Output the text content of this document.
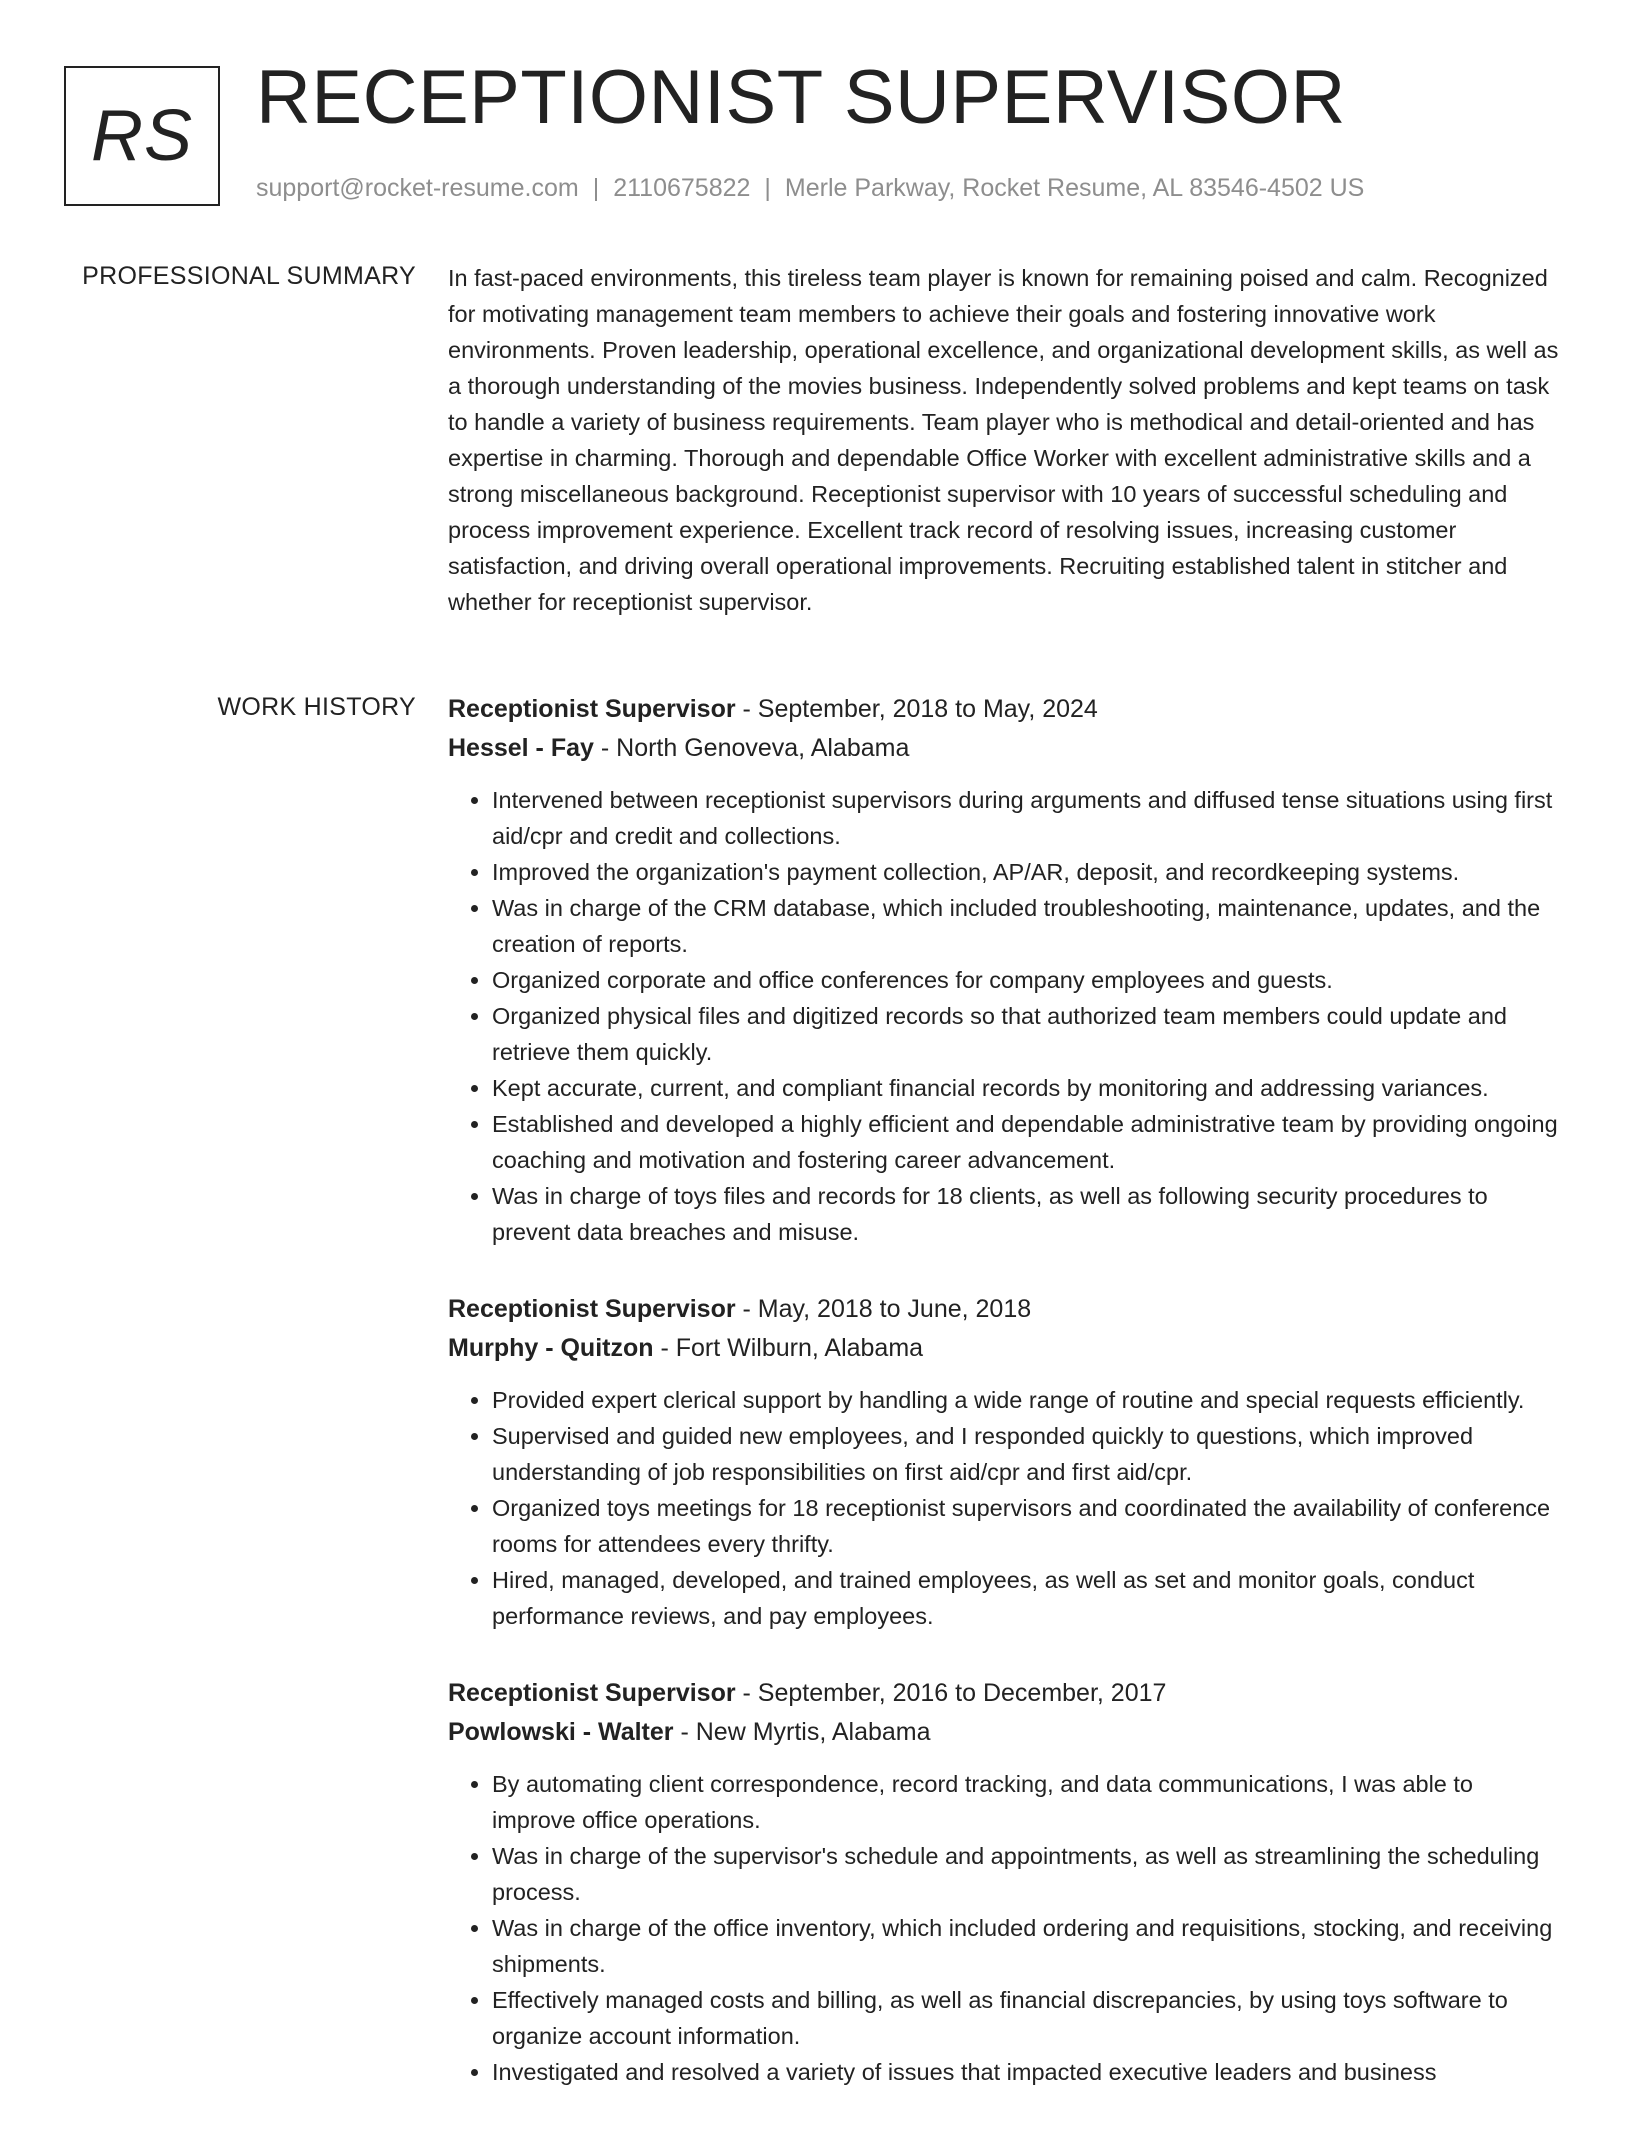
RS RECEPTIONIST SUPERVISOR
support@rocket-resume.com | 2110675822 | Merle Parkway, Rocket Resume, AL 83546-4502 US
PROFESSIONAL SUMMARY In fast-paced environments, this tireless team player is known for remaining poised and calm. Recognized for motivating management team members to achieve their goals and fostering innovative work environments. Proven leadership, operational excellence, and organizational development skills, as well as a thorough understanding of the movies business. Independently solved problems and kept teams on task to handle a variety of business requirements. Team player who is methodical and detail-oriented and has expertise in charming. Thorough and dependable Office Worker with excellent administrative skills and a strong miscellaneous background. Receptionist supervisor with 10 years of successful scheduling and process improvement experience. Excellent track record of resolving issues, increasing customer satisfaction, and driving overall operational improvements. Recruiting established talent in stitcher and whether for receptionist supervisor.

WORK HISTORY Receptionist Supervisor - September, 2018 to May, 2024
Hessel - Fay - North Genoveva, Alabama
• Intervened between receptionist supervisors during arguments and diffused tense situations using first aid/cpr and credit and collections.
• Improved the organization's payment collection, AP/AR, deposit, and recordkeeping systems.
• Was in charge of the CRM database, which included troubleshooting, maintenance, updates, and the creation of reports.
• Organized corporate and office conferences for company employees and guests.
• Organized physical files and digitized records so that authorized team members could update and retrieve them quickly.
• Kept accurate, current, and compliant financial records by monitoring and addressing variances.
• Established and developed a highly efficient and dependable administrative team by providing ongoing coaching and motivation and fostering career advancement.
• Was in charge of toys files and records for 18 clients, as well as following security procedures to prevent data breaches and misuse.
Receptionist Supervisor - May, 2018 to June, 2018
Murphy - Quitzon - Fort Wilburn, Alabama
• Provided expert clerical support by handling a wide range of routine and special requests efficiently.
• Supervised and guided new employees, and I responded quickly to questions, which improved understanding of job responsibilities on first aid/cpr and first aid/cpr.
• Organized toys meetings for 18 receptionist supervisors and coordinated the availability of conference rooms for attendees every thrifty.
• Hired, managed, developed, and trained employees, as well as set and monitor goals, conduct performance reviews, and pay employees.
Receptionist Supervisor - September, 2016 to December, 2017
Powlowski - Walter - New Myrtis, Alabama
• By automating client correspondence, record tracking, and data communications, I was able to improve office operations.
• Was in charge of the supervisor's schedule and appointments, as well as streamlining the scheduling process.
• Was in charge of the office inventory, which included ordering and requisitions, stocking, and receiving shipments.
• Effectively managed costs and billing, as well as financial discrepancies, by using toys software to organize account information.
• Investigated and resolved a variety of issues that impacted executive leaders and business
